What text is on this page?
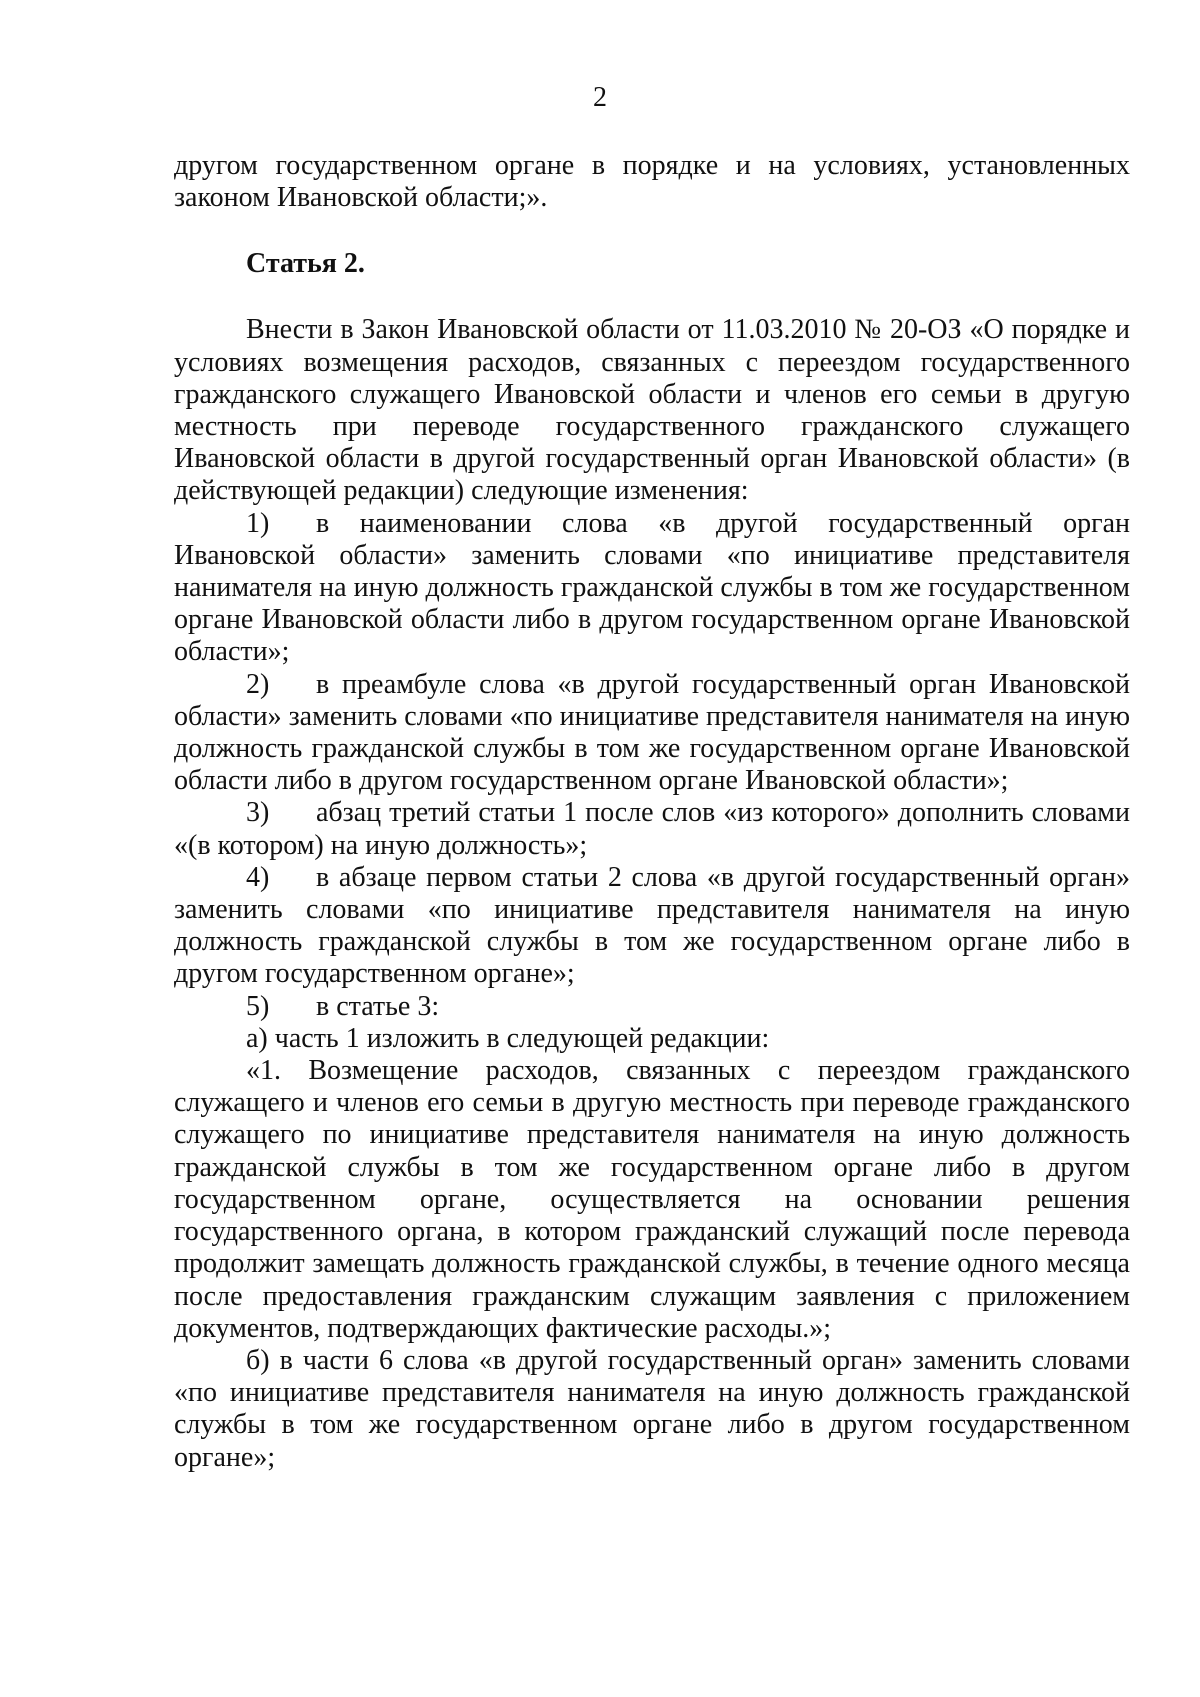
2

другом государственном органе в порядке и на условиях, установленных законом Ивановской области;».

Статья 2.

Внести в Закон Ивановской области от 11.03.2010 № 20-ОЗ «О порядке и условиях возмещения расходов, связанных с переездом государственного гражданского служащего Ивановской области и членов его семьи в другую местность при переводе государственного гражданского служащего Ивановской области в другой государственный орган Ивановской области» (в действующей редакции) следующие изменения:

1) в наименовании слова «в другой государственный орган Ивановской области» заменить словами «по инициативе представителя нанимателя на иную должность гражданской службы в том же государственном органе Ивановской области либо в другом государственном органе Ивановской области»;

2) в преамбуле слова «в другой государственный орган Ивановской области» заменить словами «по инициативе представителя нанимателя на иную должность гражданской службы в том же государственном органе Ивановской области либо в другом государственном органе Ивановской области»;

3) абзац третий статьи 1 после слов «из которого» дополнить словами «(в котором) на иную должность»;

4) в абзаце первом статьи 2 слова «в другой государственный орган» заменить словами «по инициативе представителя нанимателя на иную должность гражданской службы в том же государственном органе либо в другом государственном органе»;

5) в статье 3:

а) часть 1 изложить в следующей редакции:

«1. Возмещение расходов, связанных с переездом гражданского служащего и членов его семьи в другую местность при переводе гражданского служащего по инициативе представителя нанимателя на иную должность гражданской службы в том же государственном органе либо в другом государственном органе, осуществляется на основании решения государственного органа, в котором гражданский служащий после перевода продолжит замещать должность гражданской службы, в течение одного месяца после предоставления гражданским служащим заявления с приложением документов, подтверждающих фактические расходы.»;

б) в части 6 слова «в другой государственный орган» заменить словами «по инициативе представителя нанимателя на иную должность гражданской службы в том же государственном органе либо в другом государственном органе»;
